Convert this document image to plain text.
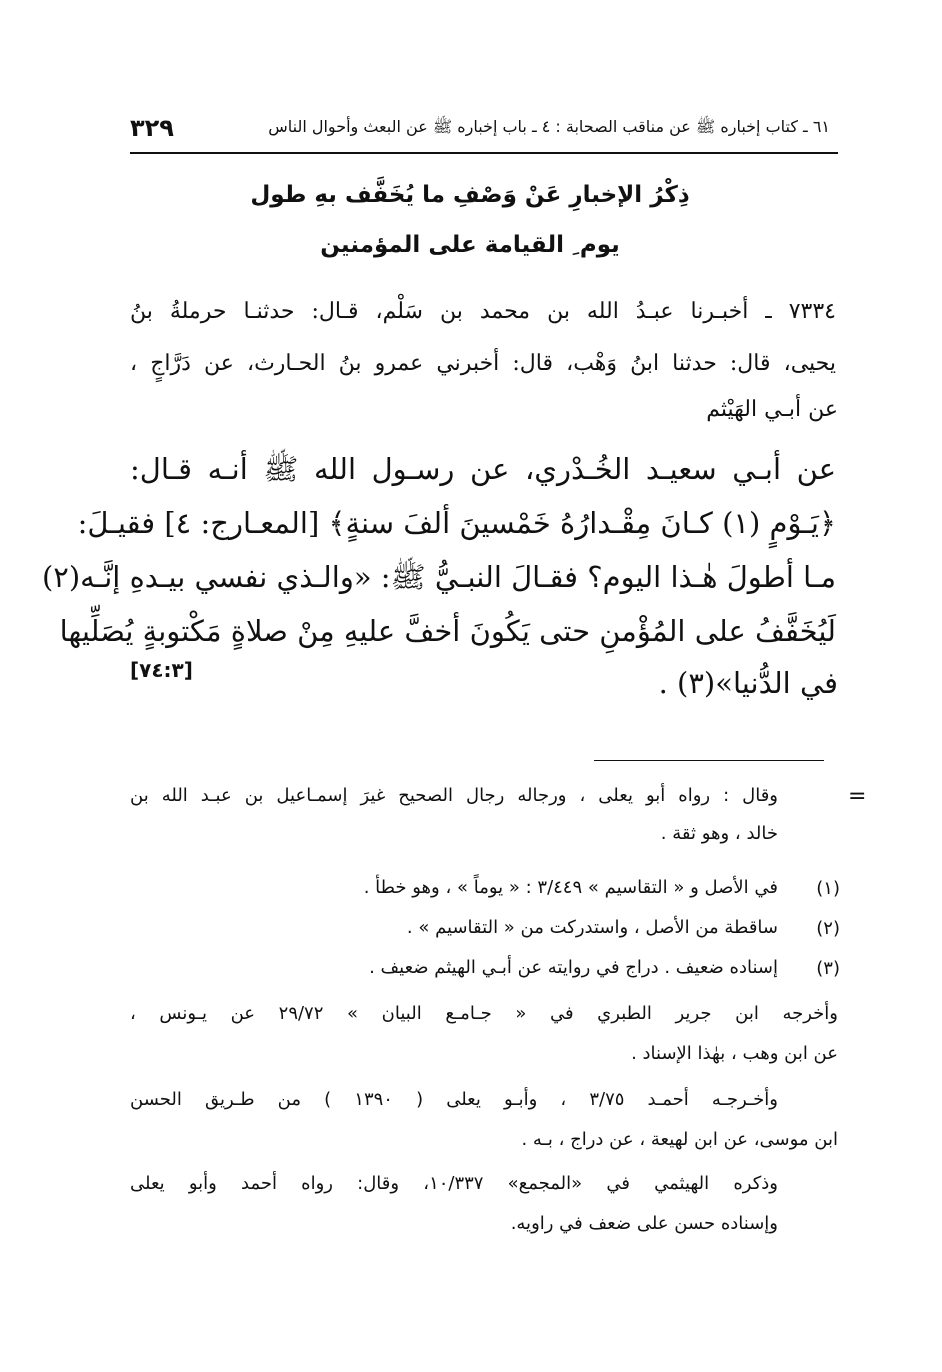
٦١ ـ كتاب إخباره ﷺ عن مناقب الصحابة : ٤ ـ باب إخباره ﷺ عن البعث وأحوال الناس
٣٢٩
ذِكْرُ الإخبارِ عَنْ وَصْفِ ما يُخَفَّف بهِ طول
يوم ِ القيامة على المؤمنين
٧٣٣٤ ـ أخبـرنا عبـدُ الله بن محمد بن سَلْم، قـال: حدثنـا حرملةُ بنُ
يحيى، قال: حدثنا ابنُ وَهْب، قال: أخبرني عمرو بنُ الحـارث، عن دَرَّاجٍ ،
عن أبـي الهَيْثم
عن أبـي سعيـد الخُـدْري، عن رسـول الله ﷺ أنـه قـال:
﴿يَـوْمٍ (١) كـانَ مِقْـدارُهُ خَمْسينَ ألفَ سنةٍ﴾ [المعـارج: ٤] فقيـلَ:
مـا أطولَ هٰـذا اليوم؟ فقـالَ النبـيُّ ﷺ: «والـذي نفسي بيـدهِ إنَّـه(٢)
لَيُخَفَّفُ على المُؤْمنِ حتى يَكُونَ أخفَّ عليهِ مِنْ صلاةٍ مَكْتوبةٍ يُصَلِّيها
في الدُّنيا»(٣) .
[٧٤:٣]
=
وقال : رواه أبو يعلى ، ورجاله رجال الصحيح غيرَ إسمـاعيل بن عبـد الله بن
خالد ، وهو ثقة .
(١)
في الأصل و « التقاسيم » ٣/٤٤٩ : « يوماً » ، وهو خطأ .
(٢)
ساقطة من الأصل ، واستدركت من « التقاسيم » .
(٣)
إسناده ضعيف . دراج في روايته عن أبـي الهيثم ضعيف .
وأخرجه ابن جرير الطبري في « جـامـع البيان » ٢٩/٧٢ عن يـونس ،
عن ابن وهب ، بهٰذا الإسناد .
وأخـرجـه أحمـد ٣/٧٥ ، وأبـو يعلى ( ١٣٩٠ ) من طـريق الحسن
ابن موسى، عن ابن لهيعة ، عن دراج ، بـه .
وذكره الهيثمي في «المجمع» ١٠/٣٣٧، وقال: رواه أحمد وأبو يعلى
وإسناده حسن على ضعف في راويه.
